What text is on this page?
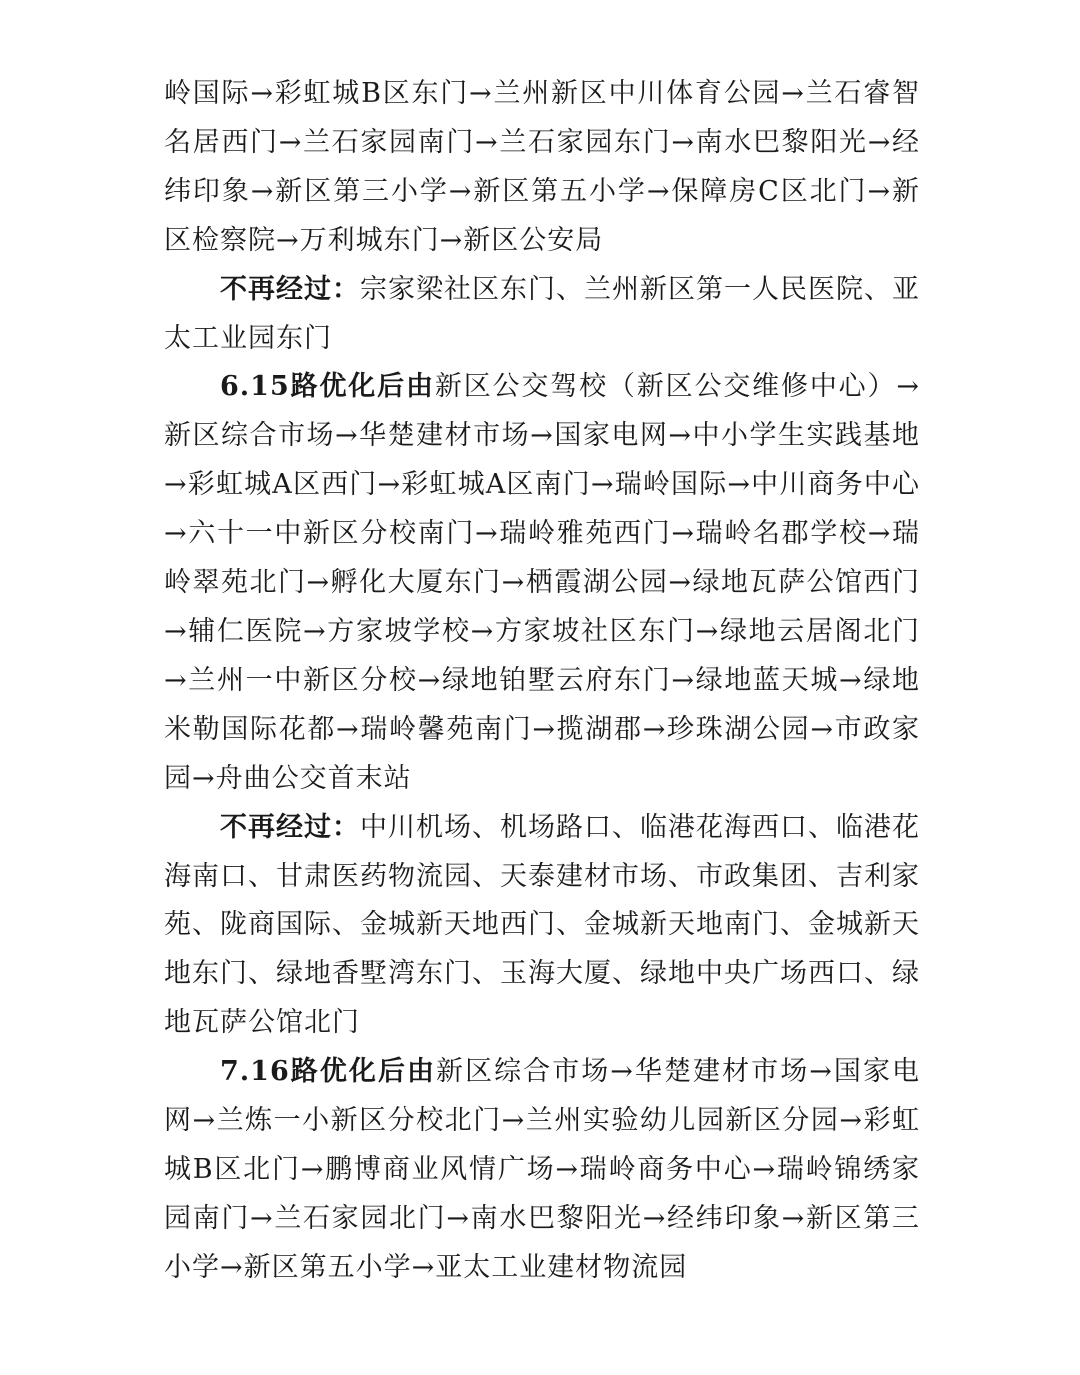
岭国际→彩虹城B区东门→兰州新区中川体育公园→兰石睿智名居西门→兰石家园南门→兰石家园东门→南水巴黎阳光→经纬印象→新区第三小学→新区第五小学→保障房C区北门→新区检察院→万利城东门→新区公安局

不再经过：宗家梁社区东门、兰州新区第一人民医院、亚太工业园东门

6.15路优化后由新区公交驾校（新区公交维修中心）→新区综合市场→华楚建材市场→国家电网→中小学生实践基地→彩虹城A区西门→彩虹城A区南门→瑞岭国际→中川商务中心→六十一中新区分校南门→瑞岭雅苑西门→瑞岭名郡学校→瑞岭翠苑北门→孵化大厦东门→栖霞湖公园→绿地瓦萨公馆西门→辅仁医院→方家坡学校→方家坡社区东门→绿地云居阁北门→兰州一中新区分校→绿地铂墅云府东门→绿地蓝天城→绿地米勒国际花都→瑞岭馨苑南门→揽湖郡→珍珠湖公园→市政家园→舟曲公交首末站

不再经过：中川机场、机场路口、临港花海西口、临港花海南口、甘肃医药物流园、天泰建材市场、市政集团、吉利家苑、陇商国际、金城新天地西门、金城新天地南门、金城新天地东门、绿地香墅湾东门、玉海大厦、绿地中央广场西口、绿地瓦萨公馆北门

7.16路优化后由新区综合市场→华楚建材市场→国家电网→兰炼一小新区分校北门→兰州实验幼儿园新区分园→彩虹城B区北门→鹏博商业风情广场→瑞岭商务中心→瑞岭锦绣家园南门→兰石家园北门→南水巴黎阳光→经纬印象→新区第三小学→新区第五小学→亚太工业建材物流园
